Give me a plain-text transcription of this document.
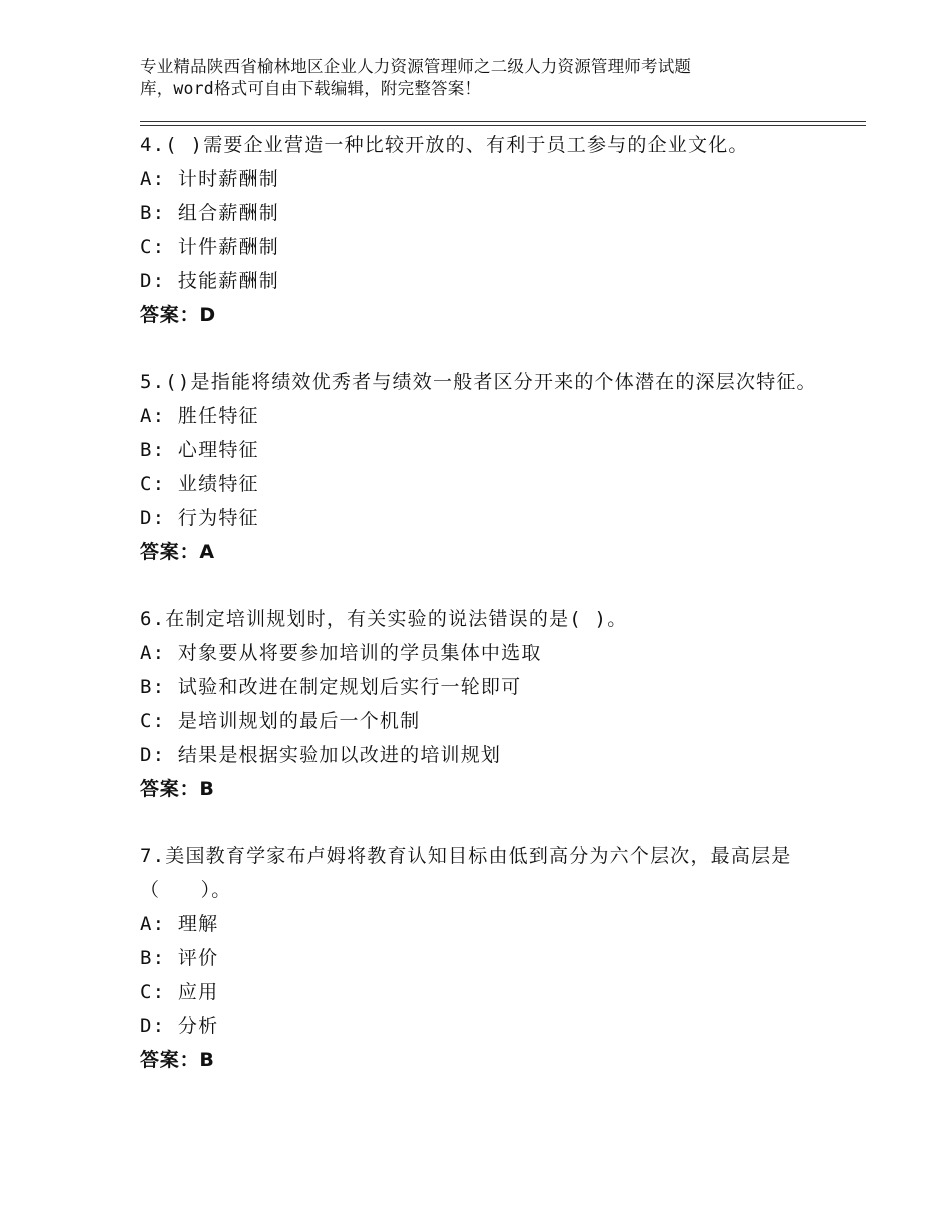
专业精品陕西省榆林地区企业人力资源管理师之二级人力资源管理师考试题
库，word格式可自由下载编辑，附完整答案！
4.( )需要企业营造一种比较开放的、有利于员工参与的企业文化。
A: 计时薪酬制
B: 组合薪酬制
C: 计件薪酬制
D: 技能薪酬制
答案：D
5.()是指能将绩效优秀者与绩效一般者区分开来的个体潜在的深层次特征。
A: 胜任特征
B: 心理特征
C: 业绩特征
D: 行为特征
答案：A
6.在制定培训规划时，有关实验的说法错误的是( )。
A: 对象要从将要参加培训的学员集体中选取
B: 试验和改进在制定规划后实行一轮即可
C: 是培训规划的最后一个机制
D: 结果是根据实验加以改进的培训规划
答案：B
7.美国教育学家布卢姆将教育认知目标由低到高分为六个层次，最高层是（　　）。
A: 理解
B: 评价
C: 应用
D: 分析
答案：B
